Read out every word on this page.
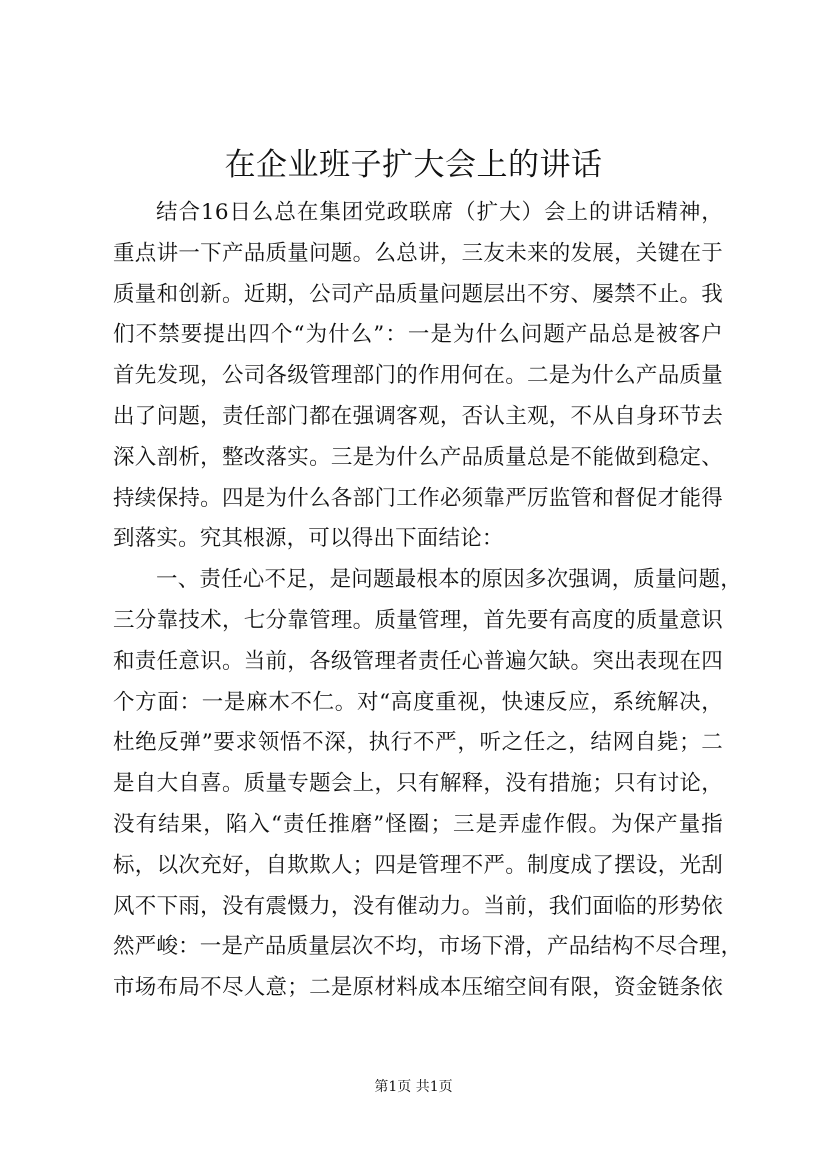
在企业班子扩大会上的讲话
结合16日么总在集团党政联席（扩大）会上的讲话精神，
重点讲一下产品质量问题。么总讲，三友未来的发展，关键在于
质量和创新。近期，公司产品质量问题层出不穷、屡禁不止。我
们不禁要提出四个“为什么”：一是为什么问题产品总是被客户
首先发现，公司各级管理部门的作用何在。二是为什么产品质量
出了问题，责任部门都在强调客观，否认主观，不从自身环节去
深入剖析，整改落实。三是为什么产品质量总是不能做到稳定、
持续保持。四是为什么各部门工作必须靠严厉监管和督促才能得
到落实。究其根源，可以得出下面结论：
一、责任心不足，是问题最根本的原因多次强调，质量问题，
三分靠技术，七分靠管理。质量管理，首先要有高度的质量意识
和责任意识。当前，各级管理者责任心普遍欠缺。突出表现在四
个方面：一是麻木不仁。对“高度重视，快速反应，系统解决，
杜绝反弹”要求领悟不深，执行不严，听之任之，结网自毙；二
是自大自喜。质量专题会上，只有解释，没有措施；只有讨论，
没有结果，陷入“责任推磨”怪圈；三是弄虚作假。为保产量指
标，以次充好，自欺欺人；四是管理不严。制度成了摆设，光刮
风不下雨，没有震慑力，没有催动力。当前，我们面临的形势依
然严峻：一是产品质量层次不均，市场下滑，产品结构不尽合理，
市场布局不尽人意；二是原材料成本压缩空间有限，资金链条依
第1页 共1页
